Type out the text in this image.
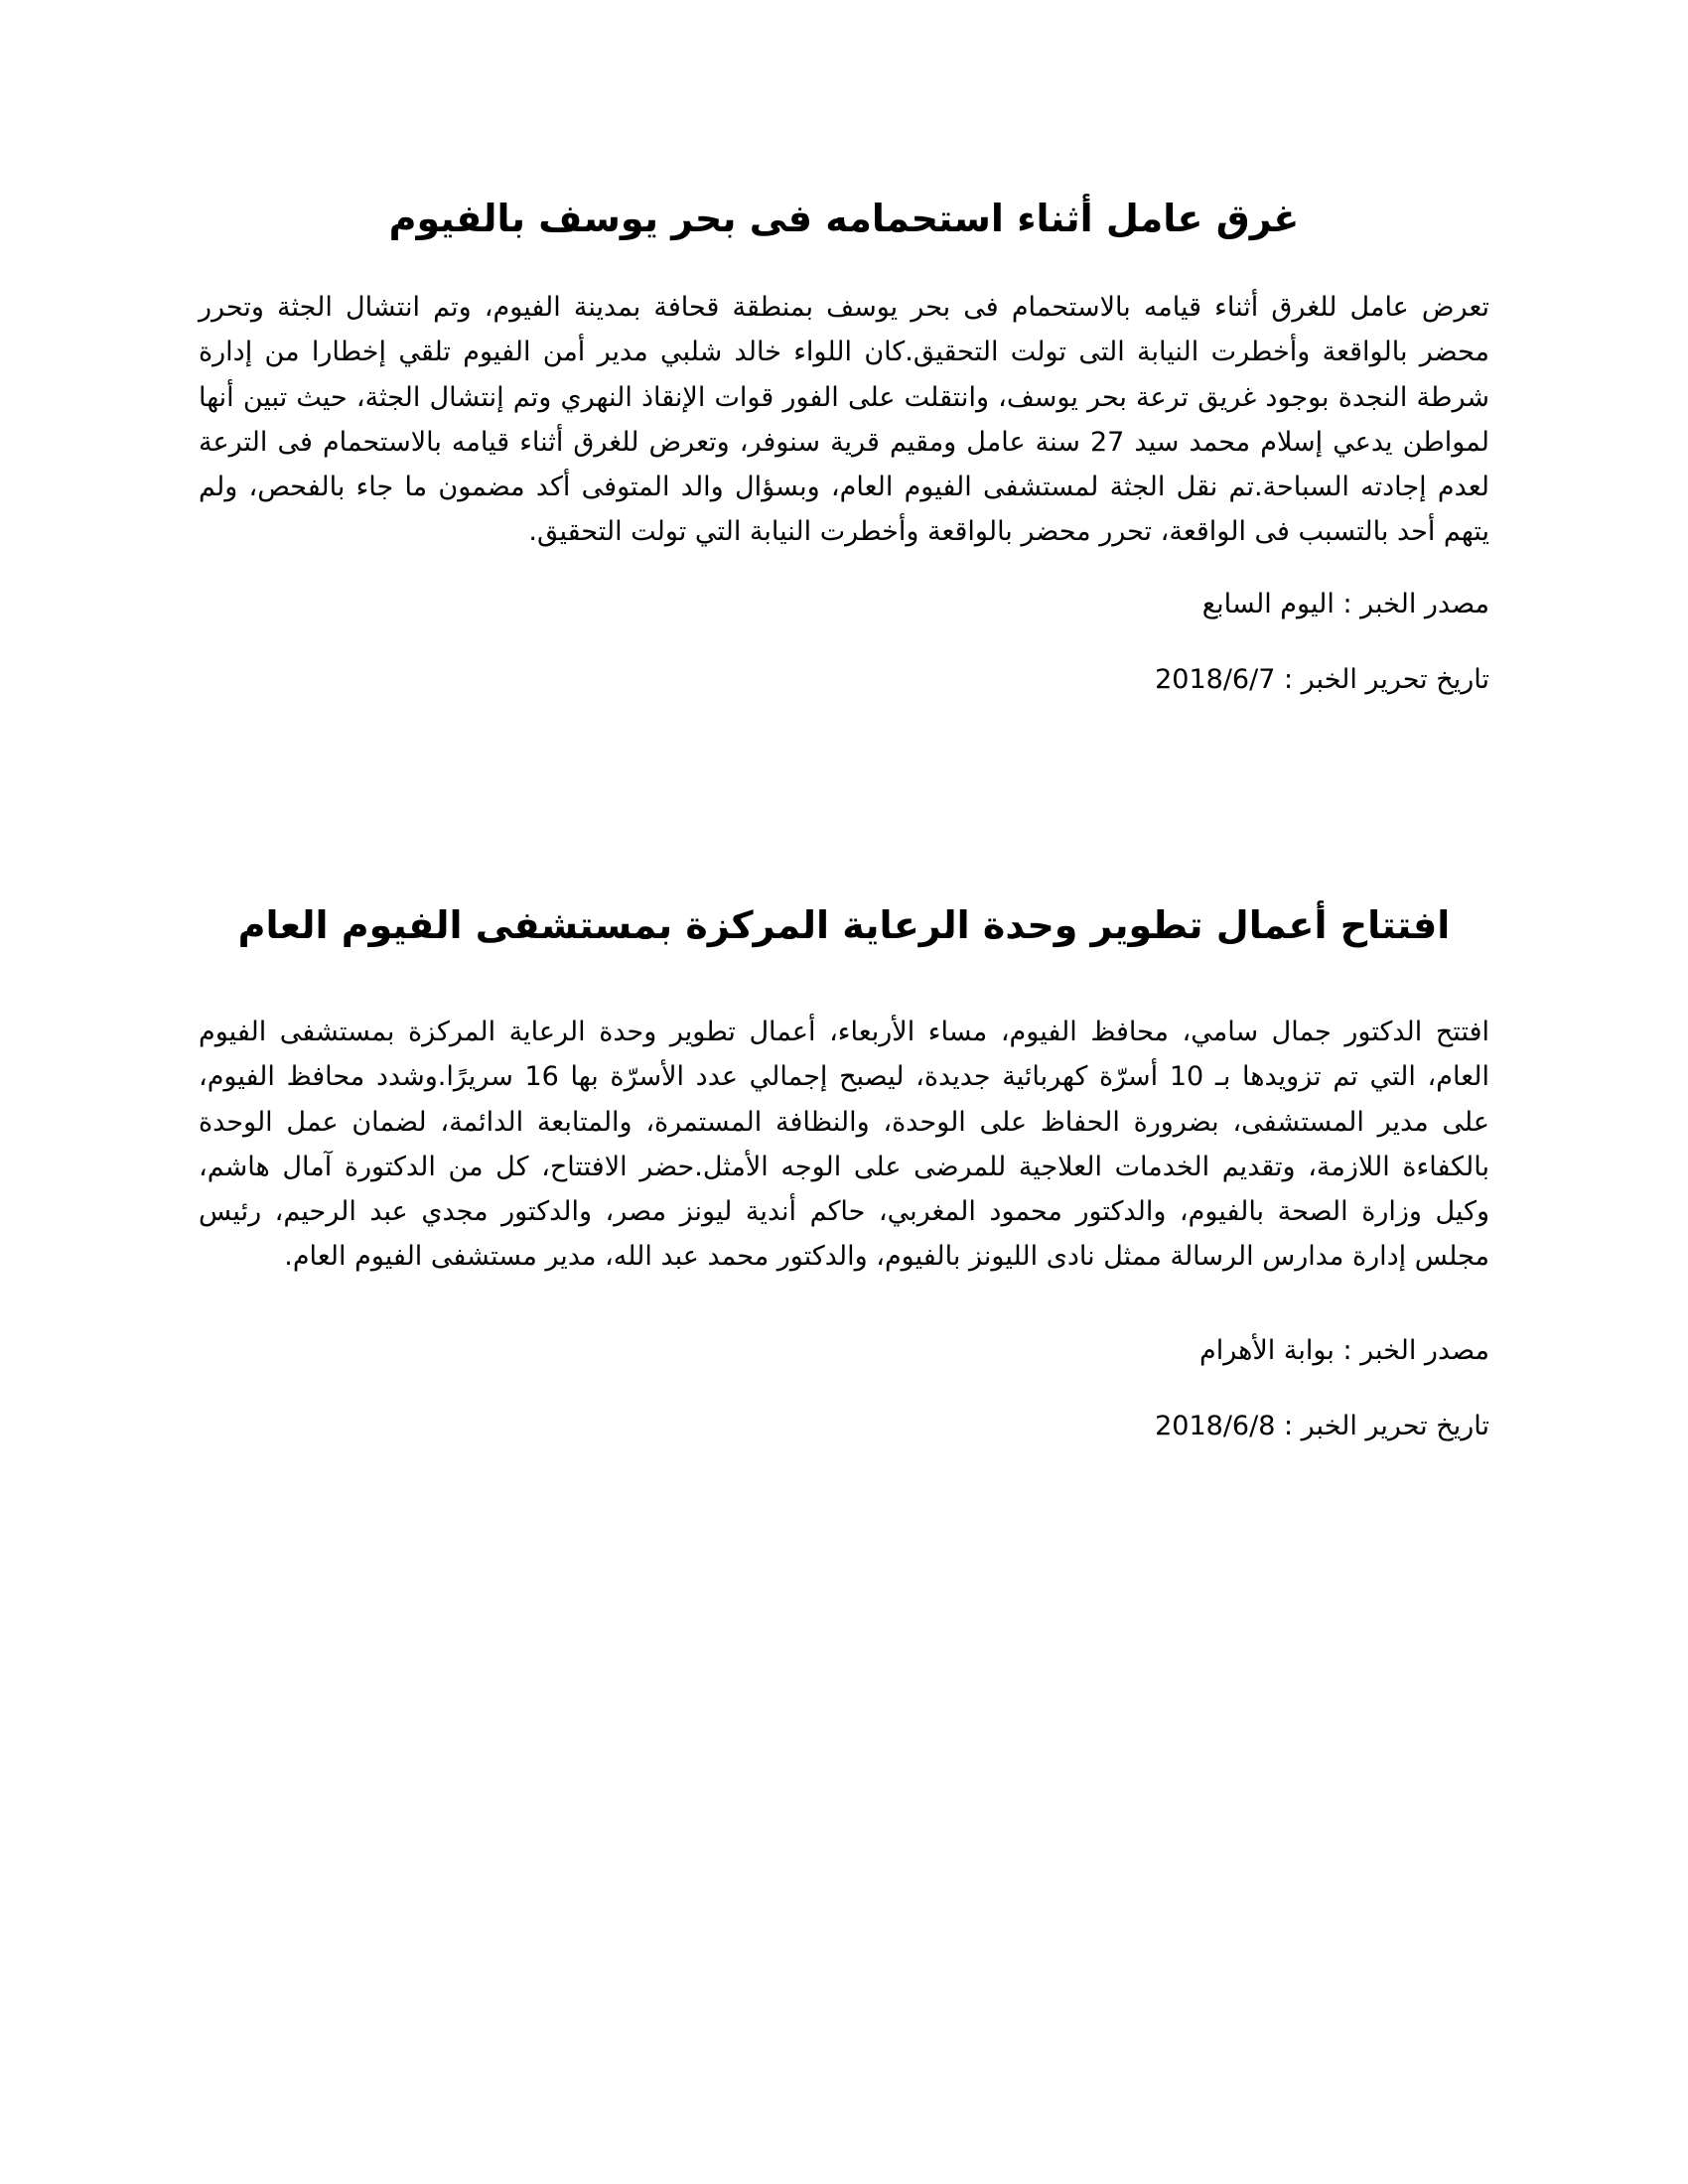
غرق عامل أثناء استحمامه فى بحر يوسف بالفيوم

تعرض عامل للغرق أثناء قيامه بالاستحمام فى بحر يوسف بمنطقة قحافة بمدينة الفيوم، وتم انتشال الجثة وتحرر محضر بالواقعة وأخطرت النيابة التى تولت التحقيق.كان اللواء خالد شلبي مدير أمن الفيوم تلقي إخطارا من إدارة شرطة النجدة بوجود غريق ترعة بحر يوسف، وانتقلت على الفور قوات الإنقاذ النهري وتم إنتشال الجثة، حيث تبين أنها لمواطن يدعي إسلام محمد سيد 27 سنة عامل ومقيم قرية سنوفر، وتعرض للغرق أثناء قيامه بالاستحمام فى الترعة لعدم إجادته السباحة.تم نقل الجثة لمستشفى الفيوم العام، وبسؤال والد المتوفى أكد مضمون ما جاء بالفحص، ولم يتهم أحد بالتسبب فى الواقعة، تحرر محضر بالواقعة وأخطرت النيابة التي تولت التحقيق.

مصدر الخبر : اليوم السابع

تاريخ تحرير الخبر : 2018/6/7

افتتاح أعمال تطوير وحدة الرعاية المركزة بمستشفى الفيوم العام

افتتح الدكتور جمال سامي، محافظ الفيوم، مساء الأربعاء، أعمال تطوير وحدة الرعاية المركزة بمستشفى الفيوم العام، التي تم تزويدها بـ 10 أسرّة كهربائية جديدة، ليصبح إجمالي عدد الأسرّة بها 16 سريرًا.وشدد محافظ الفيوم، على مدير المستشفى، بضرورة الحفاظ على الوحدة، والنظافة المستمرة، والمتابعة الدائمة، لضمان عمل الوحدة بالكفاءة اللازمة، وتقديم الخدمات العلاجية للمرضى على الوجه الأمثل.حضر الافتتاح، كل من الدكتورة آمال هاشم، وكيل وزارة الصحة بالفيوم، والدكتور محمود المغربي، حاكم أندية ليونز مصر، والدكتور مجدي عبد الرحيم، رئيس مجلس إدارة مدارس الرسالة ممثل نادى الليونز بالفيوم، والدكتور محمد عبد الله، مدير مستشفى الفيوم العام.

مصدر الخبر : بوابة الأهرام

تاريخ تحرير الخبر : 2018/6/8
